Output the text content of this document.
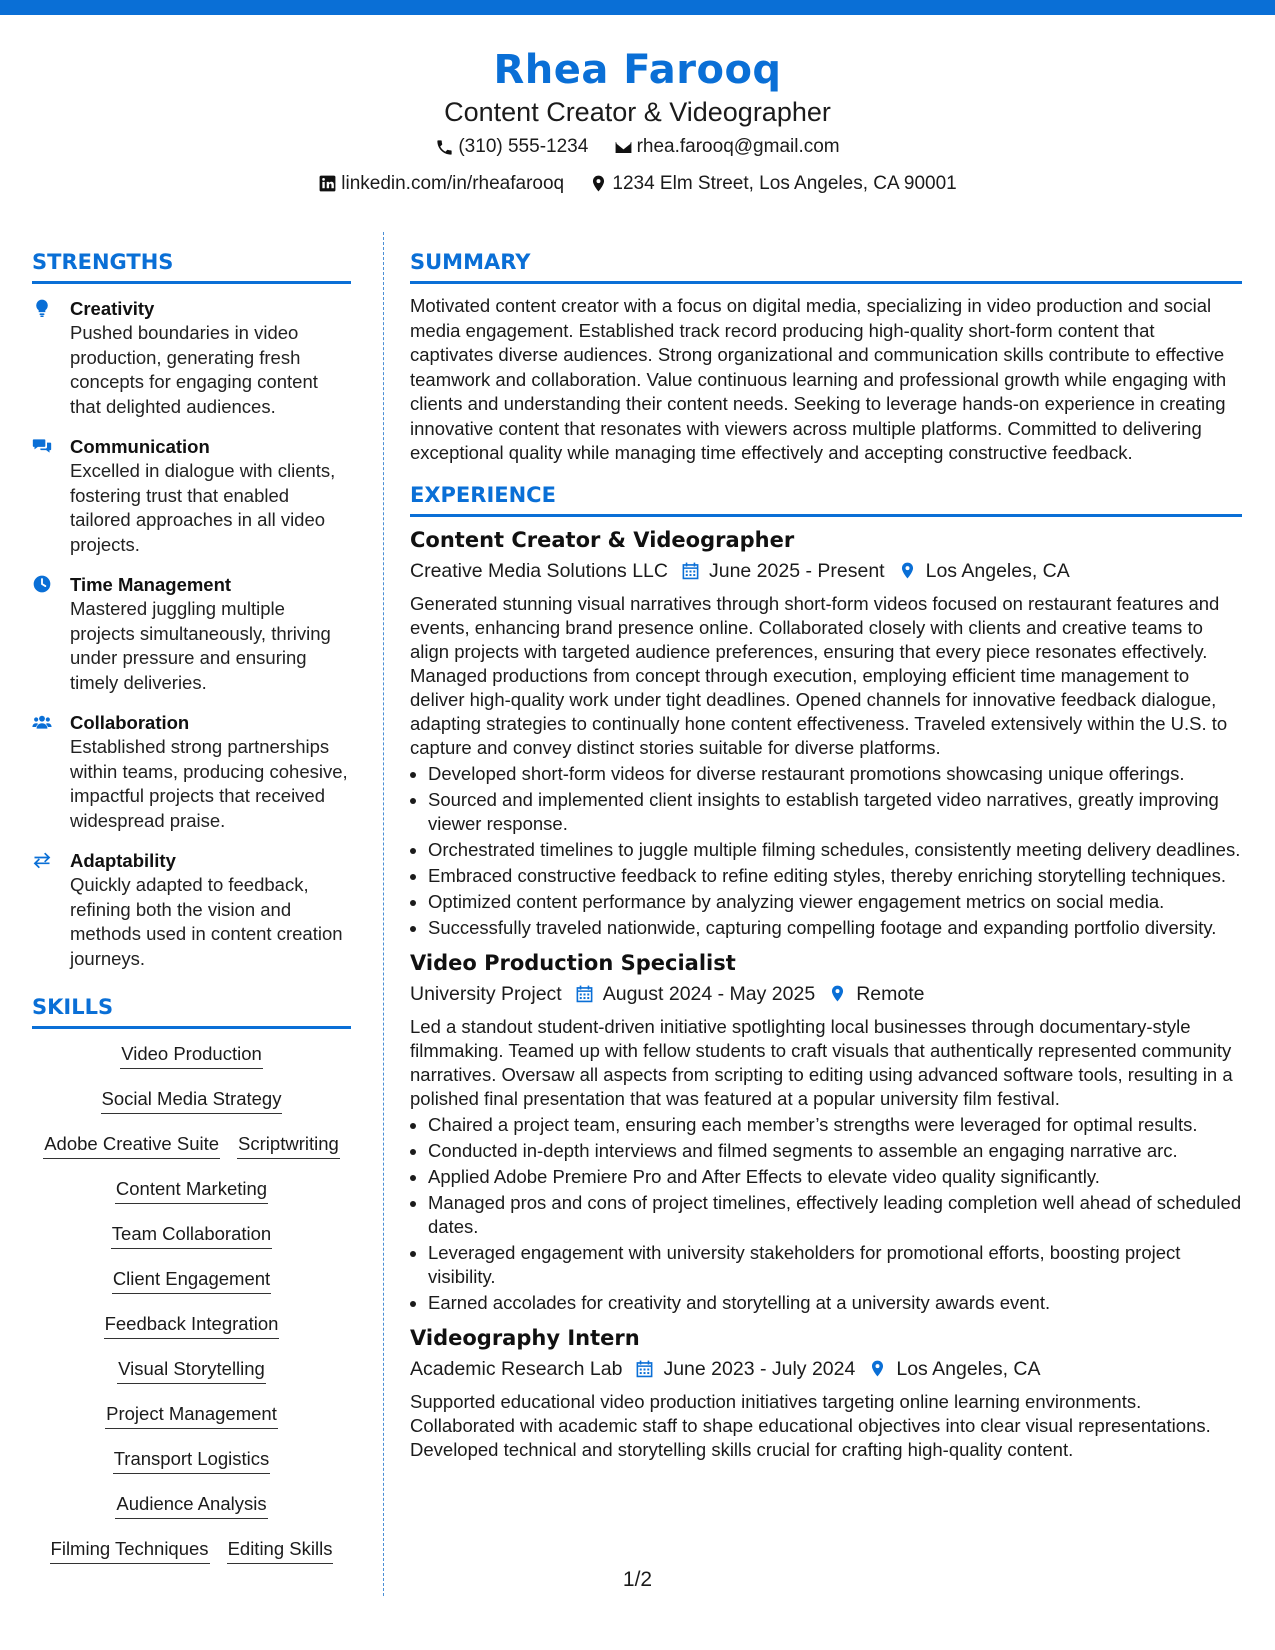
Rhea Farooq
Content Creator & Videographer
(310) 555-1234
	rhea.farooq@gmail.com
linkedin.com/in/rheafarooq
	1234 Elm Street, Los Angeles, CA 90001
STRENGTHS
Creativity
Pushed boundaries in video production, generating fresh concepts for engaging content that delighted audiences.
Communication
Excelled in dialogue with clients, fostering trust that enabled tailored approaches in all video projects.
Time Management
Mastered juggling multiple projects simultaneously, thriving under pressure and ensuring timely deliveries.
Collaboration
Established strong partnerships within teams, producing cohesive, impactful projects that received widespread praise.
Adaptability
Quickly adapted to feedback, refining both the vision and methods used in content creation journeys.
SKILLS
Video Production
Social Media Strategy
Adobe Creative Suite Scriptwriting
Content Marketing
Team Collaboration
Client Engagement
Feedback Integration
Visual Storytelling
Project Management
Transport Logistics
Audience Analysis
Filming Techniques Editing Skills
SUMMARY

Motivated content creator with a focus on digital media, specializing in video production and social media engagement. Established track record producing high-quality short-form content that captivates diverse audiences. Strong organizational and communication skills contribute to effective teamwork and collaboration. Value continuous learning and professional growth while engaging with clients and understanding their content needs. Seeking to leverage hands-on experience in creating innovative content that resonates with viewers across multiple platforms. Committed to delivering exceptional quality while managing time effectively and accepting constructive feedback.

EXPERIENCE
Content Creator & Videographer
Creative Media Solutions LLC June 2025 - Present Los Angeles, CA
Generated stunning visual narratives through short-form videos focused on restaurant features and events, enhancing brand presence online. Collaborated closely with clients and creative teams to align projects with targeted audience preferences, ensuring that every piece resonates effectively. Managed productions from concept through execution, employing efficient time management to deliver high-quality work under tight deadlines. Opened channels for innovative feedback dialogue, adapting strategies to continually hone content effectiveness. Traveled extensively within the U.S. to capture and convey distinct stories suitable for diverse platforms.
• Developed short-form videos for diverse restaurant promotions showcasing unique offerings.
• Sourced and implemented client insights to establish targeted video narratives, greatly improving viewer response.
• Orchestrated timelines to juggle multiple filming schedules, consistently meeting delivery deadlines.
• Embraced constructive feedback to refine editing styles, thereby enriching storytelling techniques.
• Optimized content performance by analyzing viewer engagement metrics on social media.
• Successfully traveled nationwide, capturing compelling footage and expanding portfolio diversity.
Video Production Specialist
University Project August 2024 - May 2025 Remote
Led a standout student-driven initiative spotlighting local businesses through documentary-style filmmaking. Teamed up with fellow students to craft visuals that authentically represented community narratives. Oversaw all aspects from scripting to editing using advanced software tools, resulting in a polished final presentation that was featured at a popular university film festival.
• Chaired a project team, ensuring each member’s strengths were leveraged for optimal results.
• Conducted in-depth interviews and filmed segments to assemble an engaging narrative arc.
• Applied Adobe Premiere Pro and After Effects to elevate video quality significantly.
• Managed pros and cons of project timelines, effectively leading completion well ahead of scheduled dates.
• Leveraged engagement with university stakeholders for promotional efforts, boosting project visibility.
• Earned accolades for creativity and storytelling at a university awards event.
Videography Intern
Academic Research Lab June 2023 - July 2024 Los Angeles, CA
Supported educational video production initiatives targeting online learning environments. Collaborated with academic staff to shape educational objectives into clear visual representations. Developed technical and storytelling skills crucial for crafting high-quality content.
1/2
